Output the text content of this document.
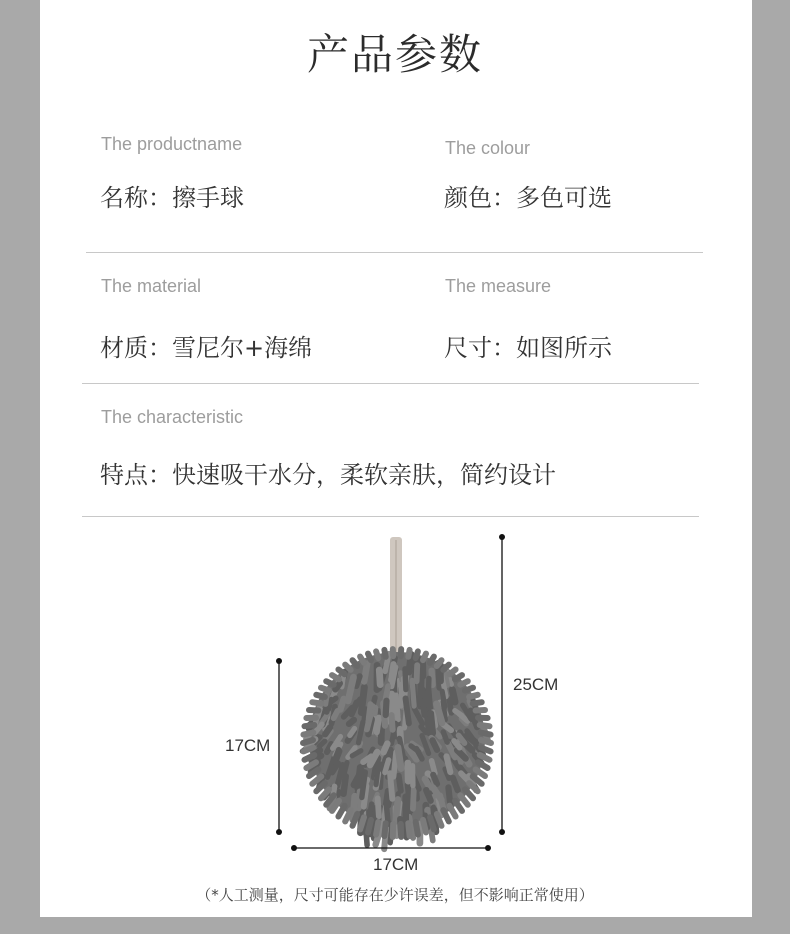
产品参数
The productname
名称：擦手球
The colour
颜色：多色可选
The material
材质：雪尼尔+海绵
The measure
尺寸：如图所示
The characteristic
特点：快速吸干水分，柔软亲肤，简约设计
25CM
17CM
17CM
（*人工测量，尺寸可能存在少许误差，但不影响正常使用）
